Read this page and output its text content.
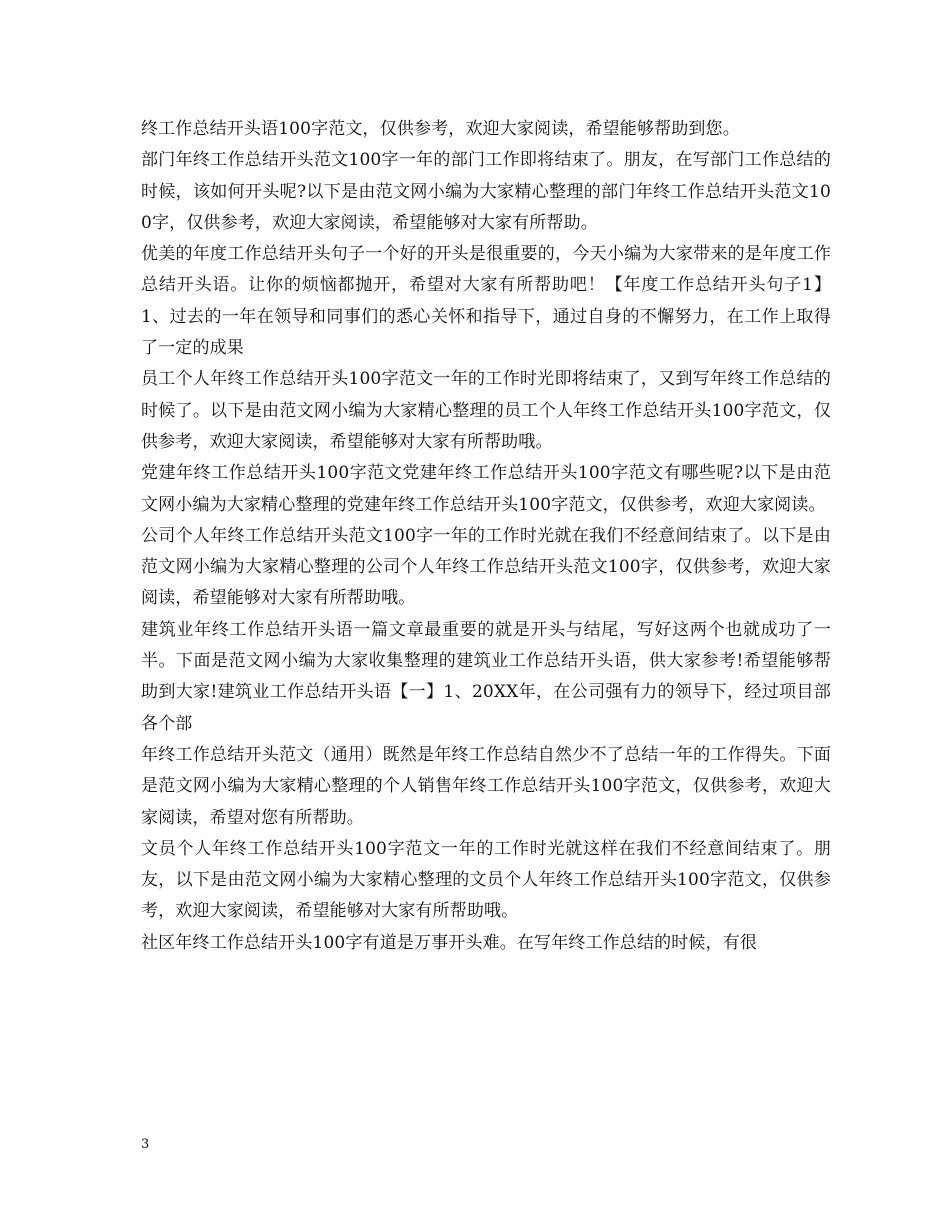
终工作总结开头语100字范文，仅供参考，欢迎大家阅读，希望能够帮助到您。

部门年终工作总结开头范文100字一年的部门工作即将结束了。朋友，在写部门工作总结的时候，该如何开头呢?以下是由范文网小编为大家精心整理的部门年终工作总结开头范文100字，仅供参考，欢迎大家阅读，希望能够对大家有所帮助。

优美的年度工作总结开头句子一个好的开头是很重要的，今天小编为大家带来的是年度工作总结开头语。让你的烦恼都抛开，希望对大家有所帮助吧！【年度工作总结开头句子1】1、过去的一年在领导和同事们的悉心关怀和指导下，通过自身的不懈努力，在工作上取得了一定的成果

员工个人年终工作总结开头100字范文一年的工作时光即将结束了，又到写年终工作总结的时候了。以下是由范文网小编为大家精心整理的员工个人年终工作总结开头100字范文，仅供参考，欢迎大家阅读，希望能够对大家有所帮助哦。

党建年终工作总结开头100字范文党建年终工作总结开头100字范文有哪些呢?以下是由范文网小编为大家精心整理的党建年终工作总结开头100字范文，仅供参考，欢迎大家阅读。

公司个人年终工作总结开头范文100字一年的工作时光就在我们不经意间结束了。以下是由范文网小编为大家精心整理的公司个人年终工作总结开头范文100字，仅供参考，欢迎大家阅读，希望能够对大家有所帮助哦。

建筑业年终工作总结开头语一篇文章最重要的就是开头与结尾，写好这两个也就成功了一半。下面是范文网小编为大家收集整理的建筑业工作总结开头语，供大家参考!希望能够帮助到大家!建筑业工作总结开头语【一】1、20XX年，在公司强有力的领导下，经过项目部各个部

年终工作总结开头范文（通用）既然是年终工作总结自然少不了总结一年的工作得失。下面是范文网小编为大家精心整理的个人销售年终工作总结开头100字范文，仅供参考，欢迎大家阅读，希望对您有所帮助。

文员个人年终工作总结开头100字范文一年的工作时光就这样在我们不经意间结束了。朋友，以下是由范文网小编为大家精心整理的文员个人年终工作总结开头100字范文，仅供参考，欢迎大家阅读，希望能够对大家有所帮助哦。

社区年终工作总结开头100字有道是万事开头难。在写年终工作总结的时候，有很

3
